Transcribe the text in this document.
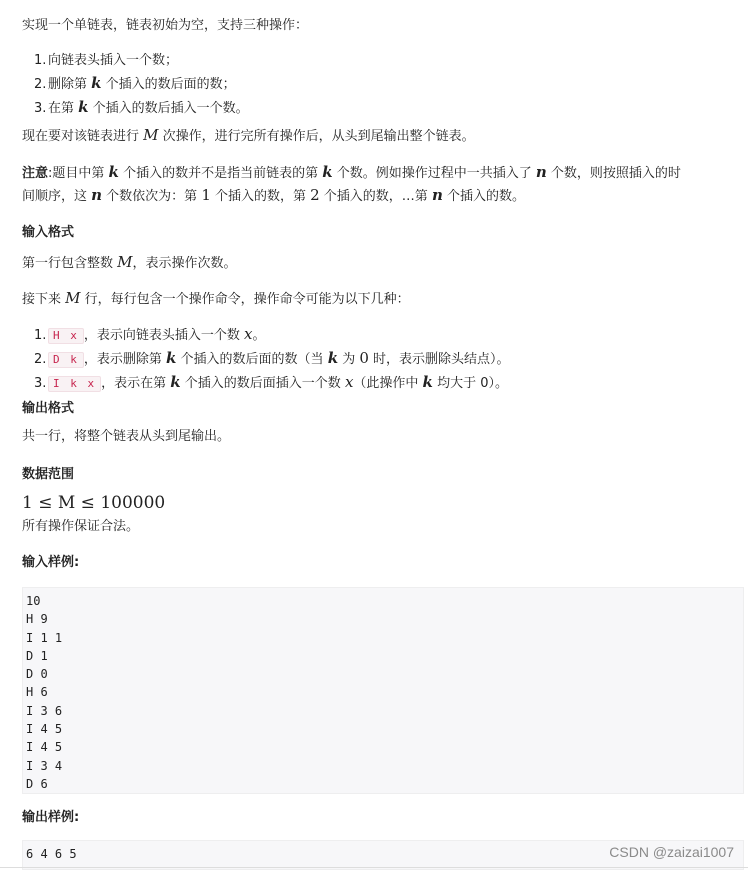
实现一个单链表，链表初始为空，支持三种操作：
1. 向链表头插入一个数；
2. 删除第 k 个插入的数后面的数；
3. 在第 k 个插入的数后插入一个数。
现在要对该链表进行 M 次操作，进行完所有操作后，从头到尾输出整个链表。
注意:题目中第 k 个插入的数并不是指当前链表的第 k 个数。例如操作过程中一共插入了 n 个数，则按照插入的时
间顺序，这 n 个数依次为：第 1 个插入的数，第 2 个插入的数，…第 n 个插入的数。
输入格式
第一行包含整数 M，表示操作次数。
接下来 M 行，每行包含一个操作命令，操作命令可能为以下几种：
1. H x ，表示向链表头插入一个数 x。
2. D k ，表示删除第 k 个插入的数后面的数（当 k 为 0 时，表示删除头结点）。
3. I k x ，表示在第 k 个插入的数后面插入一个数 x（此操作中 k 均大于 0）。
输出格式
共一行，将整个链表从头到尾输出。
数据范围
1 ≤ M ≤ 100000
所有操作保证合法。
输入样例:
10
H 9
I 1 1
D 1
D 0
H 6
I 3 6
I 4 5
I 4 5
I 3 4
D 6
输出样例:
6 4 6 5	CSDN @zaizai1007
